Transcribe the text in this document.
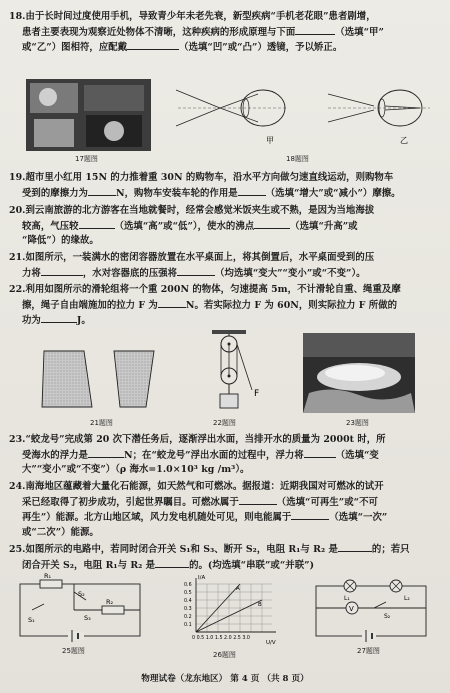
18.由于长时间过度使用手机，导致青少年未老先衰，新型疾病“手机老花眼”患者剧增，
患者主要表现为观察近处物体不清晰，这种疾病的形成原理与下面	（选填“甲”
或“乙”）图相符，应配戴	（选填“凹”或“凸”）透镜，予以矫正。
17题图
甲	乙
18题图
19.超市里小红用 15N 的力推着重 30N 的购物车，沿水平方向做匀速直线运动，则购物车
受到的摩擦力为	N，购物车安装车轮的作用是	（选填“增大”或“减小”）摩擦。
20.到云南旅游的北方游客在当地就餐时，经常会感觉米饭夹生或不熟，是因为当地海拔
较高，气压较	（选填“高”或“低”），使水的沸点	（选填“升高”或
“降低”）的缘故。
21.如图所示，一装满水的密闭容器放置在水平桌面上，将其倒置后，水平桌面受到的压
力将	，水对容器底的压强将	（均选填“变大”“变小”或“不变”）。
22.利用如图所示的滑轮组将一个重 200N 的物体，匀速提高 5m，不计滑轮自重、绳重及摩
擦，绳子自由端施加的拉力 F 为	N。若实际拉力 F 为 60N，则实际拉力 F 所做的
功为	J。
21题图
F
22题图	23题图
23.“蛟龙号”完成第 20 次下潜任务后，逐渐浮出水面，当排开水的质量为 2000t 时，所
受海水的浮力是	N；在“蛟龙号”浮出水面的过程中，浮力将	（选填“变
大”“变小”或“不变”）（ρ 海水=1.0×10³ kg /m³）。
24.南海地区蕴藏着大量化石能源，如天然气和可燃冰。据报道：近期我国对可燃冰的试开
采已经取得了初步成功，引起世界瞩目。可燃冰属于	（选填“可再生”或“不可
再生”）能源。北方山地区域，风力发电机随处可见，则电能属于	（选填“一次”
或“二次”）能源。
25.如图所示的电路中，若同时闭合开关 S₁和 S₃、断开 S₂，电阻 R₁与 R₂ 是	的；若只
闭合开关 S₂，电阻 R₁与 R₂ 是	的。(均选填“串联”或“并联”)
R₁
R₂
S₁
S₂
S₃
25题图
I/A
U/V
A
B
0.6
0.5
0.4
0.3
0.2
0.1
0 0.5 1.0 1.5 2.0 2.5 3.0
26题图
V
L₁	L₂
S₂
27题图
物理试卷（龙东地区） 第 4 页 （共 8 页）
